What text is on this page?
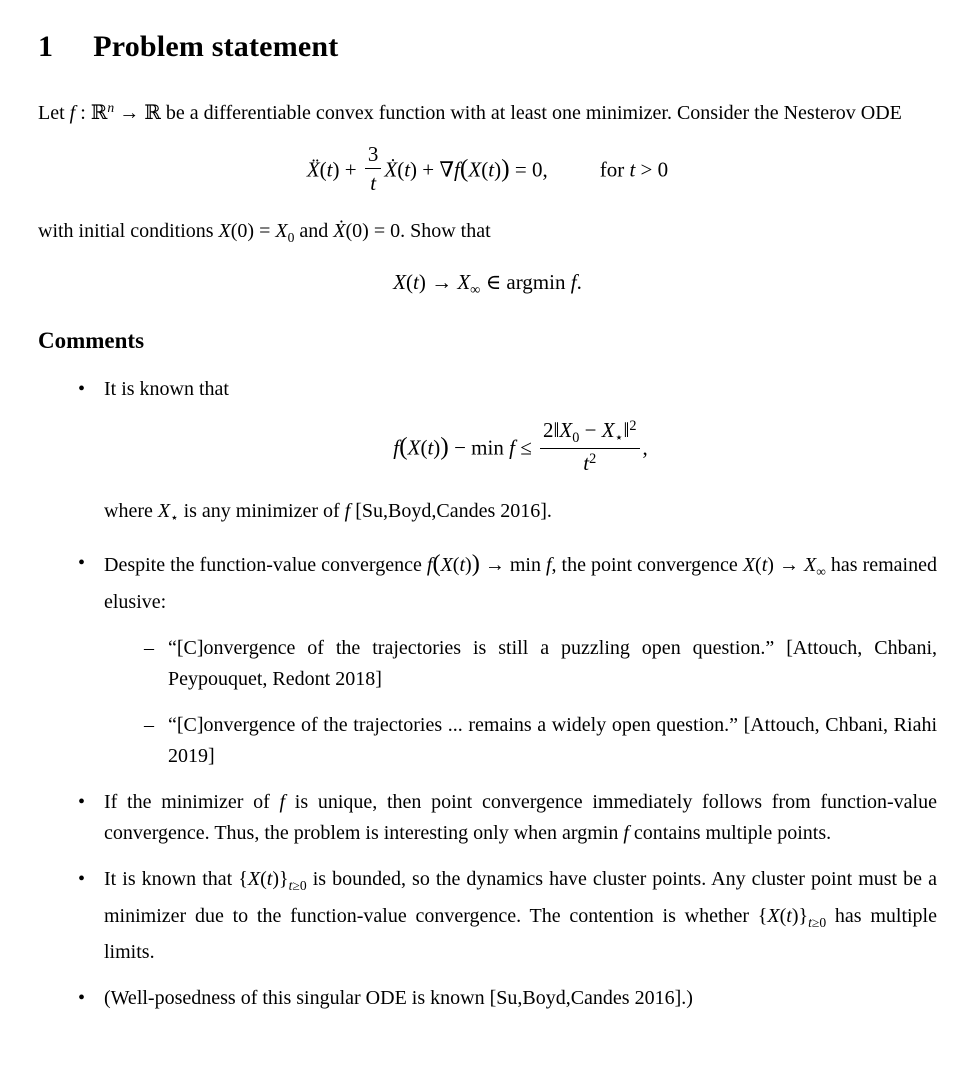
1 Problem statement

Let f : ℝ$^n$ → ℝ be a differentiable convex function with at least one minimizer. Consider the Nesterov ODE

Ẍ(t) + $\frac{3}{t}$ Ẋ(t) + ∇f(X(t)) = 0, for t > 0

with initial conditions $X(0) = X_0$ and Ẋ(0) = 0. Show that

$X(t) \to X_\infty$ ∈ argmin f.
Comments
• It is known that
$f(X(t)) - \min f \le \frac{2‖X_0 - X_⋆‖^2}{t^2}$ ,
where $X_⋆$ is any minimizer of f [Su,Boyd,Candes 2016].
• Despite the function-value convergence f(X(t)) → min f, the point convergence $X(t) \to X_\infty$ has remained elusive:
– “[C]onvergence of the trajectories is still a puzzling open question.” [Attouch, Chbani, Peypouquet, Redont 2018]
– “[C]onvergence of the trajectories ... remains a widely open question.” [Attouch, Chbani, Riahi 2019]
• If the minimizer of f is unique, then point convergence immediately follows from function-value convergence. Thus, the problem is interesting only when argmin f contains multiple points.
• It is known that $\{X(t)\}_{t\ge 0}$ is bounded, so the dynamics have cluster points. Any cluster point must be a minimizer due to the function-value convergence. The contention is whether $\{X(t)\}_{t\ge 0}$ has multiple limits.
• (Well-posedness of this singular ODE is known [Su,Boyd,Candes 2016].)
